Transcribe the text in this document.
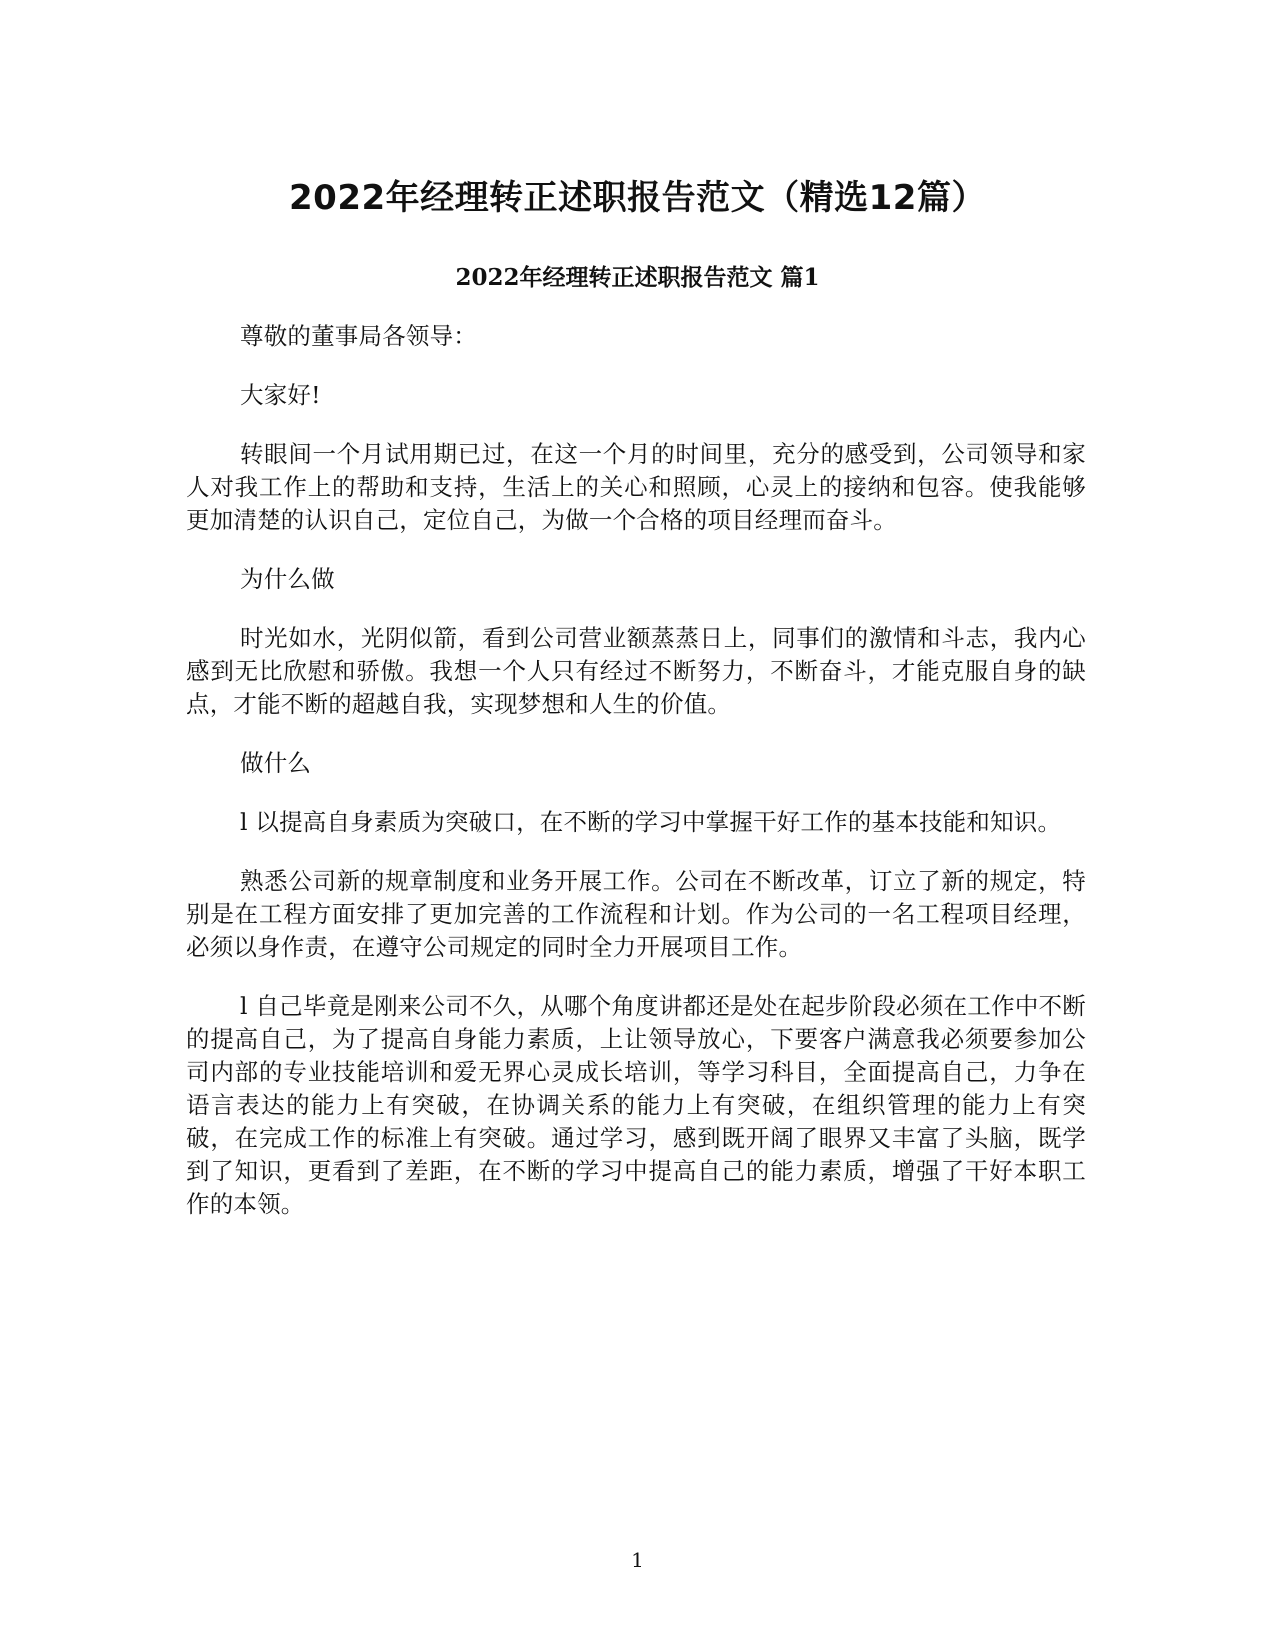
2022年经理转正述职报告范文（精选12篇）
2022年经理转正述职报告范文 篇1

尊敬的董事局各领导：

大家好!

转眼间一个月试用期已过，在这一个月的时间里，充分的感受到，公司领导和家人对我工作上的帮助和支持，生活上的关心和照顾，心灵上的接纳和包容。使我能够更加清楚的认识自己，定位自己，为做一个合格的项目经理而奋斗。

为什么做

时光如水，光阴似箭，看到公司营业额蒸蒸日上，同事们的激情和斗志，我内心感到无比欣慰和骄傲。我想一个人只有经过不断努力，不断奋斗，才能克服自身的缺点，才能不断的超越自我，实现梦想和人生的价值。

做什么

l 以提高自身素质为突破口，在不断的学习中掌握干好工作的基本技能和知识。

熟悉公司新的规章制度和业务开展工作。公司在不断改革，订立了新的规定，特别是在工程方面安排了更加完善的工作流程和计划。作为公司的一名工程项目经理，必须以身作责，在遵守公司规定的同时全力开展项目工作。

l 自己毕竟是刚来公司不久，从哪个角度讲都还是处在起步阶段必须在工作中不断的提高自己，为了提高自身能力素质，上让领导放心，下要客户满意我必须要参加公司内部的专业技能培训和爱无界心灵成长培训，等学习科目，全面提高自己，力争在语言表达的能力上有突破，在协调关系的能力上有突破，在组织管理的能力上有突破，在完成工作的标准上有突破。通过学习，感到既开阔了眼界又丰富了头脑，既学到了知识，更看到了差距，在不断的学习中提高自己的能力素质，增强了干好本职工作的本领。

1
